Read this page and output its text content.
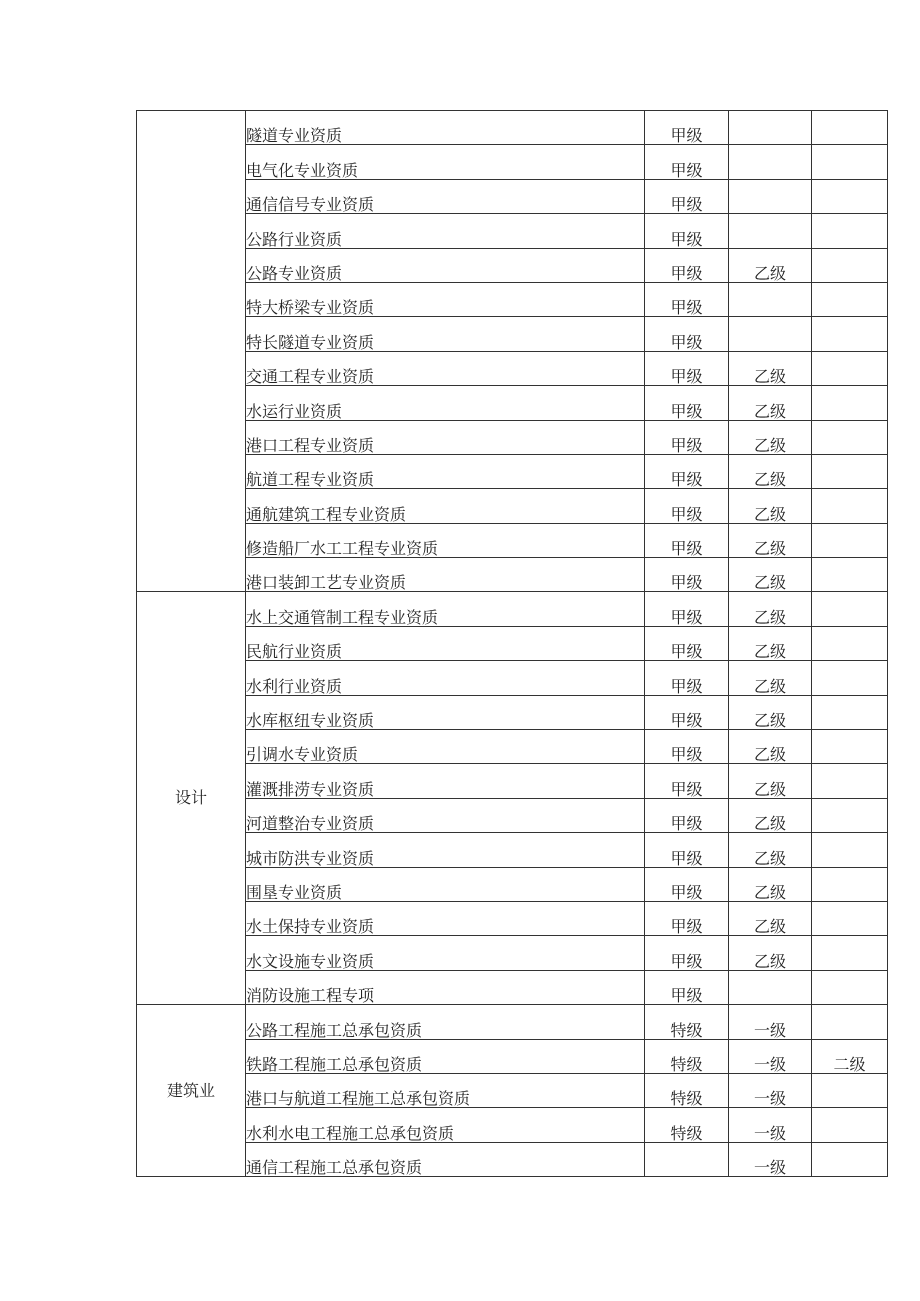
	隧道专业资质	甲级		
	电气化专业资质	甲级		
	通信信号专业资质	甲级		
	公路行业资质	甲级		
	公路专业资质	甲级	乙级	
	特大桥梁专业资质	甲级		
	特长隧道专业资质	甲级		
	交通工程专业资质	甲级	乙级	
	水运行业资质	甲级	乙级	
	港口工程专业资质	甲级	乙级	
	航道工程专业资质	甲级	乙级	
	通航建筑工程专业资质	甲级	乙级	
	修造船厂水工工程专业资质	甲级	乙级	
	港口装卸工艺专业资质	甲级	乙级	
设计	水上交通管制工程专业资质	甲级	乙级	
	民航行业资质	甲级	乙级	
	水利行业资质	甲级	乙级	
	水库枢纽专业资质	甲级	乙级	
	引调水专业资质	甲级	乙级	
	灌溉排涝专业资质	甲级	乙级	
	河道整治专业资质	甲级	乙级	
	城市防洪专业资质	甲级	乙级	
	围垦专业资质	甲级	乙级	
	水土保持专业资质	甲级	乙级	
	水文设施专业资质	甲级	乙级	
	消防设施工程专项	甲级		
建筑业	公路工程施工总承包资质	特级	一级	
	铁路工程施工总承包资质	特级	一级	二级
	港口与航道工程施工总承包资质	特级	一级	
	水利水电工程施工总承包资质	特级	一级	
	通信工程施工总承包资质		一级	
